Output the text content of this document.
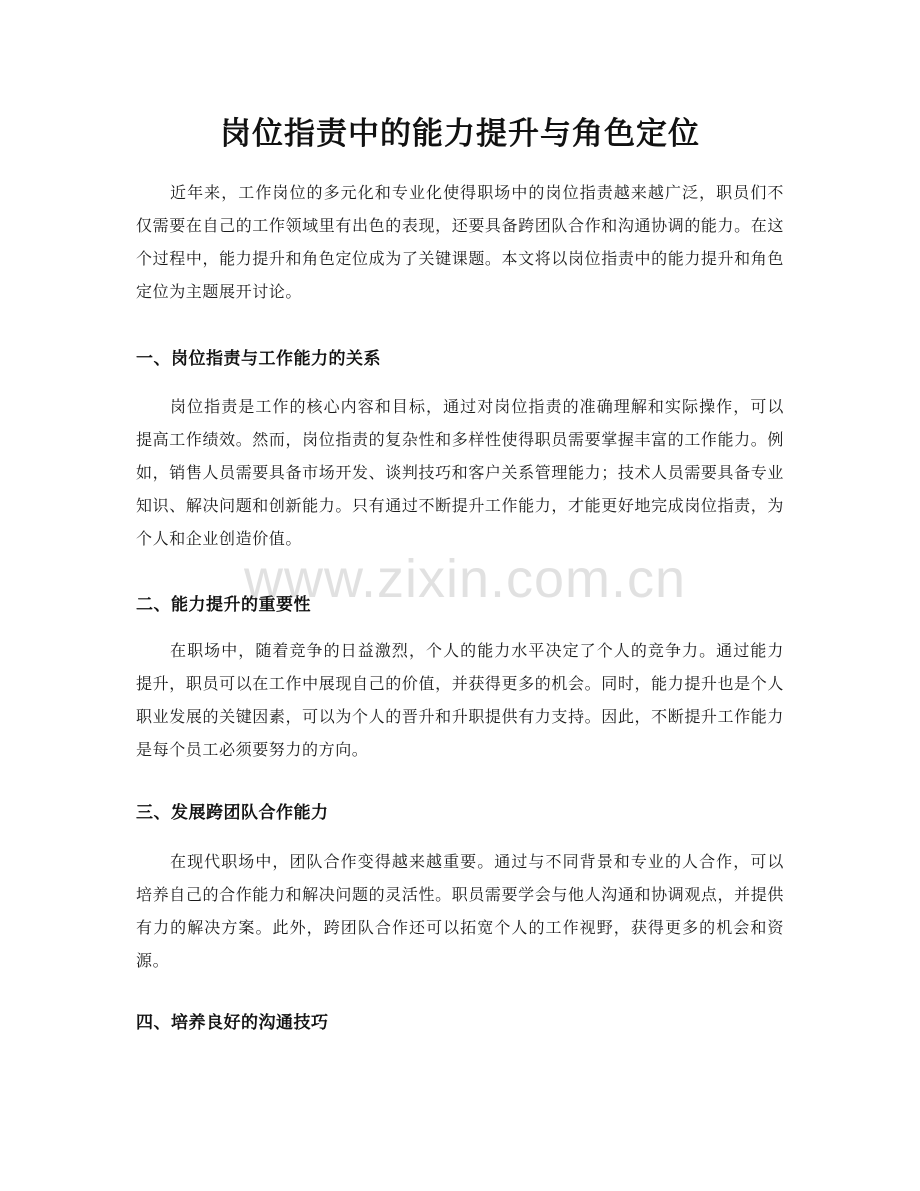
岗位指责中的能力提升与角色定位

近年来，工作岗位的多元化和专业化使得职场中的岗位指责越来越广泛，职员们不仅需要在自己的工作领域里有出色的表现，还要具备跨团队合作和沟通协调的能力。在这个过程中，能力提升和角色定位成为了关键课题。本文将以岗位指责中的能力提升和角色定位为主题展开讨论。

一、岗位指责与工作能力的关系

岗位指责是工作的核心内容和目标，通过对岗位指责的准确理解和实际操作，可以提高工作绩效。然而，岗位指责的复杂性和多样性使得职员需要掌握丰富的工作能力。例如，销售人员需要具备市场开发、谈判技巧和客户关系管理能力；技术人员需要具备专业知识、解决问题和创新能力。只有通过不断提升工作能力，才能更好地完成岗位指责，为个人和企业创造价值。

二、能力提升的重要性

在职场中，随着竞争的日益激烈，个人的能力水平决定了个人的竞争力。通过能力提升，职员可以在工作中展现自己的价值，并获得更多的机会。同时，能力提升也是个人职业发展的关键因素，可以为个人的晋升和升职提供有力支持。因此，不断提升工作能力是每个员工必须要努力的方向。

三、发展跨团队合作能力

在现代职场中，团队合作变得越来越重要。通过与不同背景和专业的人合作，可以培养自己的合作能力和解决问题的灵活性。职员需要学会与他人沟通和协调观点，并提供有力的解决方案。此外，跨团队合作还可以拓宽个人的工作视野，获得更多的机会和资源。

四、培养良好的沟通技巧
www.zixin.com.cn
